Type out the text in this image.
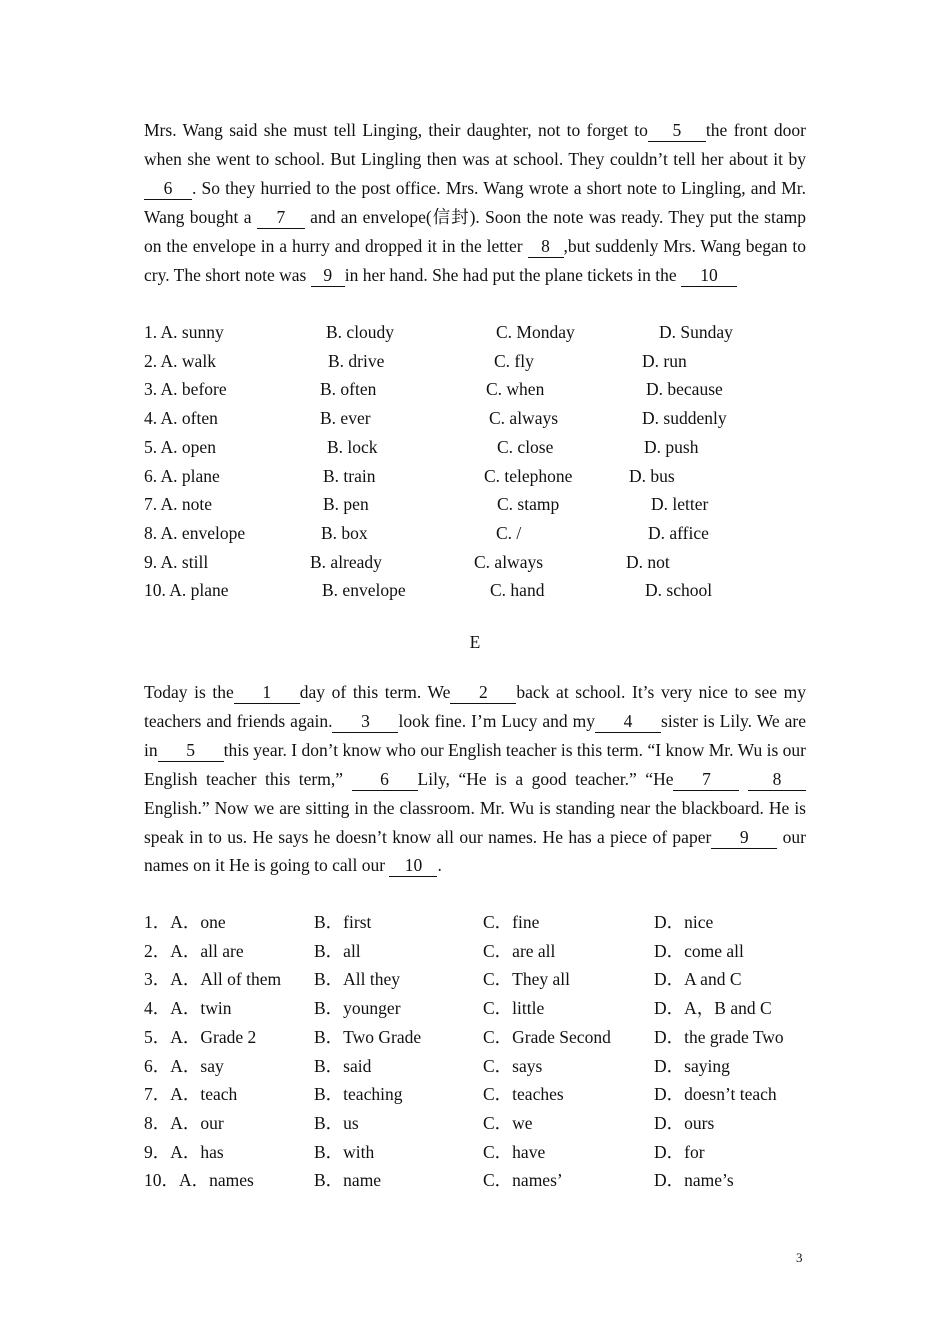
Mrs. Wang said she must tell Linging, their daughter, not to forget to 5 the front door when she went to school. But Lingling then was at school. They couldn’t tell her about it by 6 . So they hurried to the post office. Mrs. Wang wrote a short note to Lingling, and Mr. Wang bought a 7 and an envelope(信封). Soon the note was ready. They put the stamp on the envelope in a hurry and dropped it in the letter 8 ,but suddenly Mrs. Wang began to cry. The short note was 9 in her hand. She had put the plane tickets in the 10

1. A. sunny	B. cloudy	C. Monday	D. Sunday
2. A. walk	B. drive	C. fly	D. run
3. A. before	B. often	C. when	D. because
4. A. often	B. ever	C. always	D. suddenly
5. A. open	B. lock	C. close	D. push
6. A. plane	B. train	C. telephone	D. bus
7. A. note	B. pen	C. stamp	D. letter
8. A. envelope	B. box	C. /	D. affice
9. A. still	B. already	C. always	D. not
10. A. plane	B. envelope	C. hand	D. school
E

Today is the 1 day of this term. We 2 back at school. It’s very nice to see my teachers and friends again. 3 look fine. I’m Lucy and my 4 sister is Lily. We are in 5 this year. I don’t know who our English teacher is this term. “I know Mr. Wu is our English teacher this term,” 6 Lily, “He is a good teacher.” “He 7	8 English.” Now we are sitting in the classroom. Mr. Wu is standing near the blackboard. He is speak in to us. He says he doesn’t know all our names. He has a piece of paper 9 our names on it He is going to call our 10 .

1．A．one	B．first	C．fine	D．nice
2．A．all are	B．all	C．are all	D．come all
3．A．All of them B．All they	C．They all	D．A and C
4．A．twin	B．younger	C．little	D．A，B and C
5．A．Grade 2	B．Two Grade	C．Grade Second D．the grade Two
6．A．say	B．said	C．says	D．saying
7．A．teach	B．teaching	C．teaches	D．doesn’t teach
8．A．our	B．us	C．we	D．ours
9．A．has	B．with	C．have	D．for
10．A．names	B．name	C．names’	D．name’s
3
